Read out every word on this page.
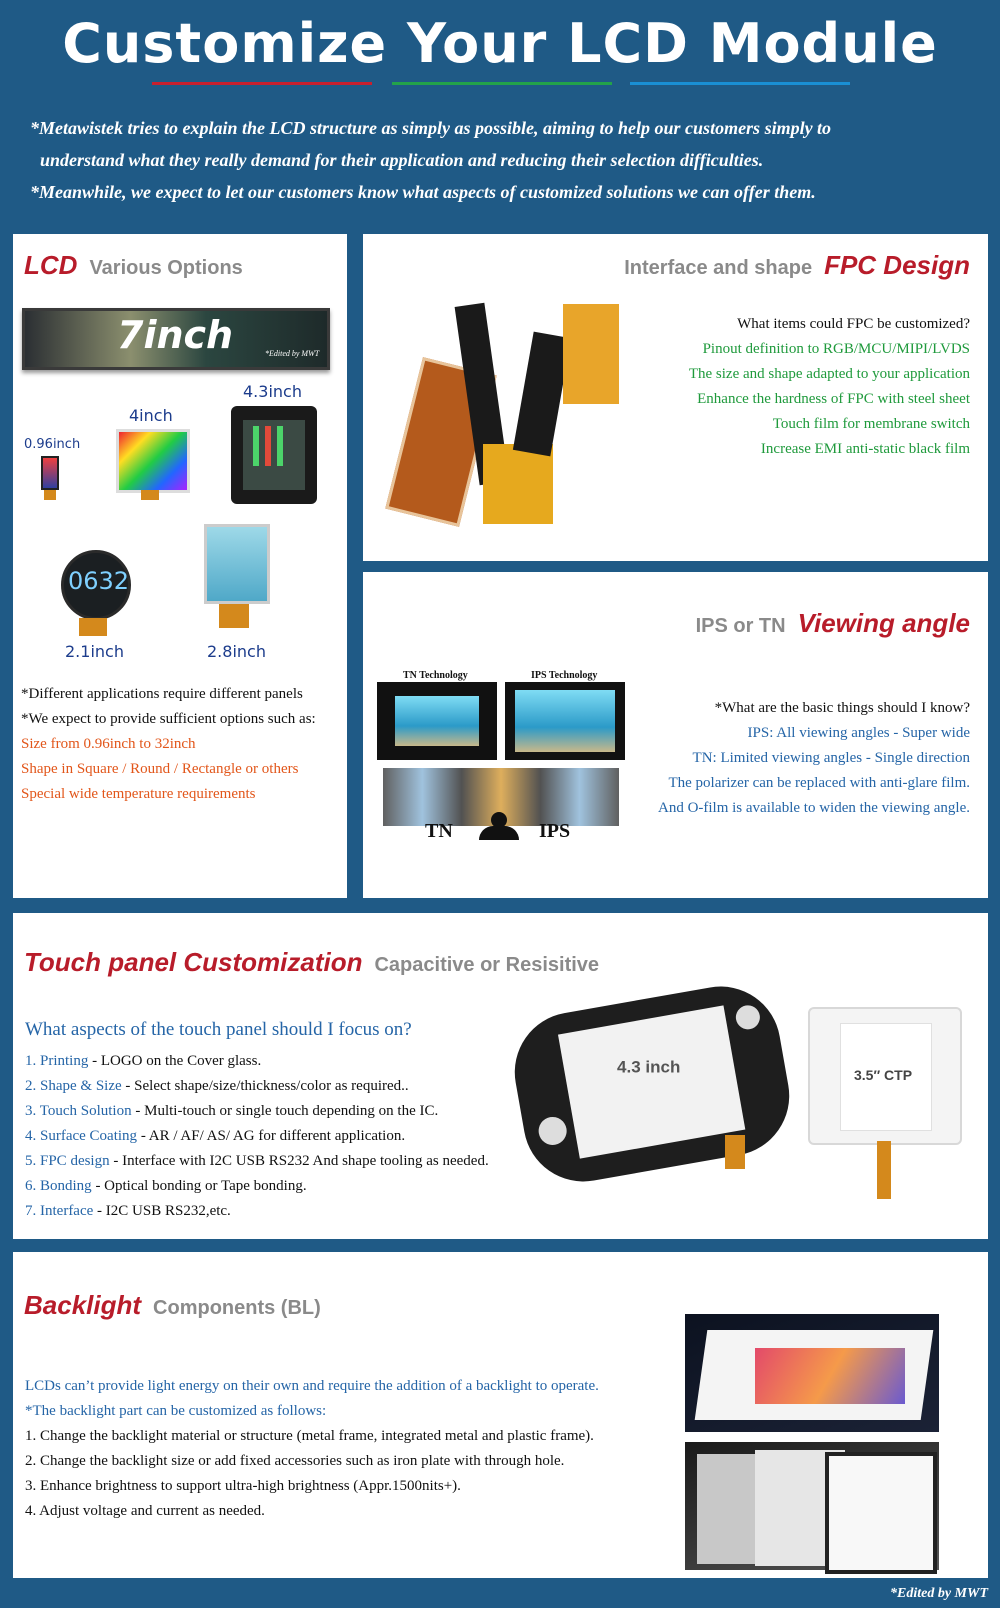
Customize Your LCD Module

*Metawistek tries to explain the LCD structure as simply as possible, aiming to help our customers simply to

understand what they really demand for their application and reducing their selection difficulties.

*Meanwhile, we expect to let our customers know what aspects of customized solutions we can offer them.

LCD Various Options
7inch	*Edited by MWT
0.96inch
4inch
4.3inch
0632
2.1inch	2.8inch
*Different applications require different panels
*We expect to provide sufficient options such as:
Size from 0.96inch to 32inch
Shape in Square / Round / Rectangle or others
Special wide temperature requirements
Interface and shape FPC Design
What items could FPC be customized?
Pinout definition to RGB/MCU/MIPI/LVDS
The size and shape adapted to your application
Enhance the hardness of FPC with steel sheet
Touch film for membrane switch
Increase EMI anti-static black film
IPS or TN Viewing angle
TN Technology	IPS Technology
TN	IPS
*What are the basic things should I know?
IPS: All viewing angles - Super wide
TN: Limited viewing angles - Single direction
The polarizer can be replaced with anti-glare film.
And O-film is available to widen the viewing angle.
Touch panel Customization Capacitive or Resisitive
What aspects of the touch panel should I focus on?
1. Printing - LOGO on the Cover glass.
2. Shape & Size - Select shape/size/thickness/color as required..
3. Touch Solution - Multi-touch or single touch depending on the IC.
4. Surface Coating - AR / AF/ AS/ AG for different application.
5. FPC design - Interface with I2C USB RS232 And shape tooling as needed.
6. Bonding - Optical bonding or Tape bonding.
7. Interface - I2C USB RS232,etc.
4.3 inch	3.5″ CTP
Backlight Components (BL)
LCDs can’t provide light energy on their own and require the addition of a backlight to operate.
*The backlight part can be customized as follows:
1. Change the backlight material or structure (metal frame, integrated metal and plastic frame).
2. Change the backlight size or add fixed accessories such as iron plate with through hole.
3. Enhance brightness to support ultra-high brightness (Appr.1500nits+).
4. Adjust voltage and current as needed.
*Edited by MWT
